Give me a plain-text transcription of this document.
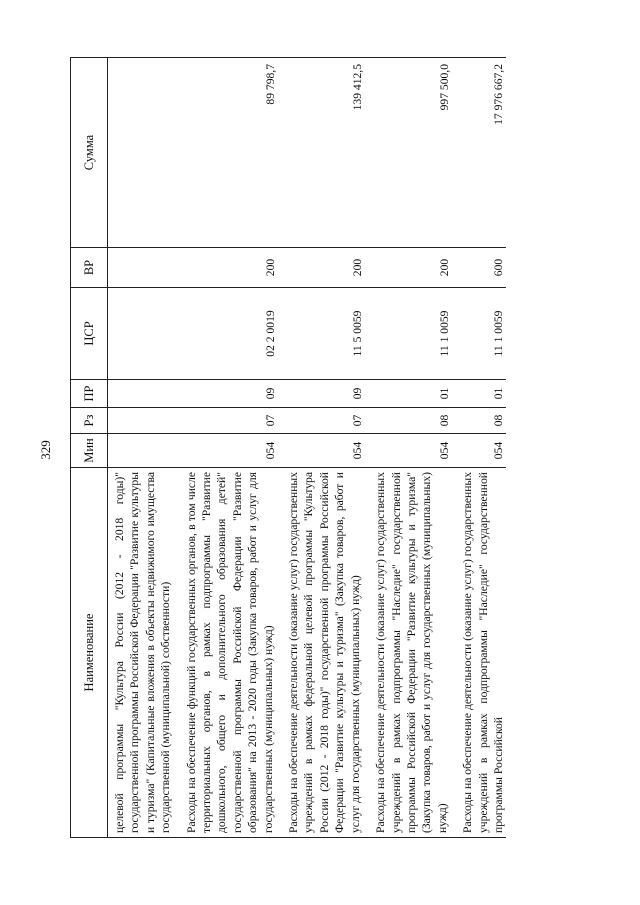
329
Наименование	Мин	Рз	ПР	ЦСР	ВР	Сумма
целевой программы "Культура России (2012 - 2018 годы)" государственной программы Российской Федерации "Развитие культуры и туризма" (Капитальные вложения в объекты недвижимого имущества государственной (муниципальной) собственности)						
Расходы на обеспечение функций государственных органов, в том числе территориальных органов, в рамках подпрограммы "Развитие дошкольного, общего и дополнительного образования детей" государственной программы Российской Федерации "Развитие образования" на 2013 - 2020 годы (Закупка товаров, работ и услуг для государственных (муниципальных) нужд)	054	07	09	02 2 0019	200	89 798,7
Расходы на обеспечение деятельности (оказание услуг) государственных учреждений в рамках федеральной целевой программы "Культура России (2012 - 2018 годы)" государственной программы Российской Федерации "Развитие культуры и туризма" (Закупка товаров, работ и услуг для государственных (муниципальных) нужд)	054	07	09	11 5 0059	200	139 412,5
Расходы на обеспечение деятельности (оказание услуг) государственных учреждений в рамках подпрограммы "Наследие" государственной программы Российской Федерации "Развитие культуры и туризма" (Закупка товаров, работ и услуг для государственных (муниципальных) нужд)	054	08	01	11 1 0059	200	997 500,0
Расходы на обеспечение деятельности (оказание услуг) государственных учреждений в рамках подпрограммы "Наследие" государственной программы Российской	054	08	01	11 1 0059	600	17 976 667,2
